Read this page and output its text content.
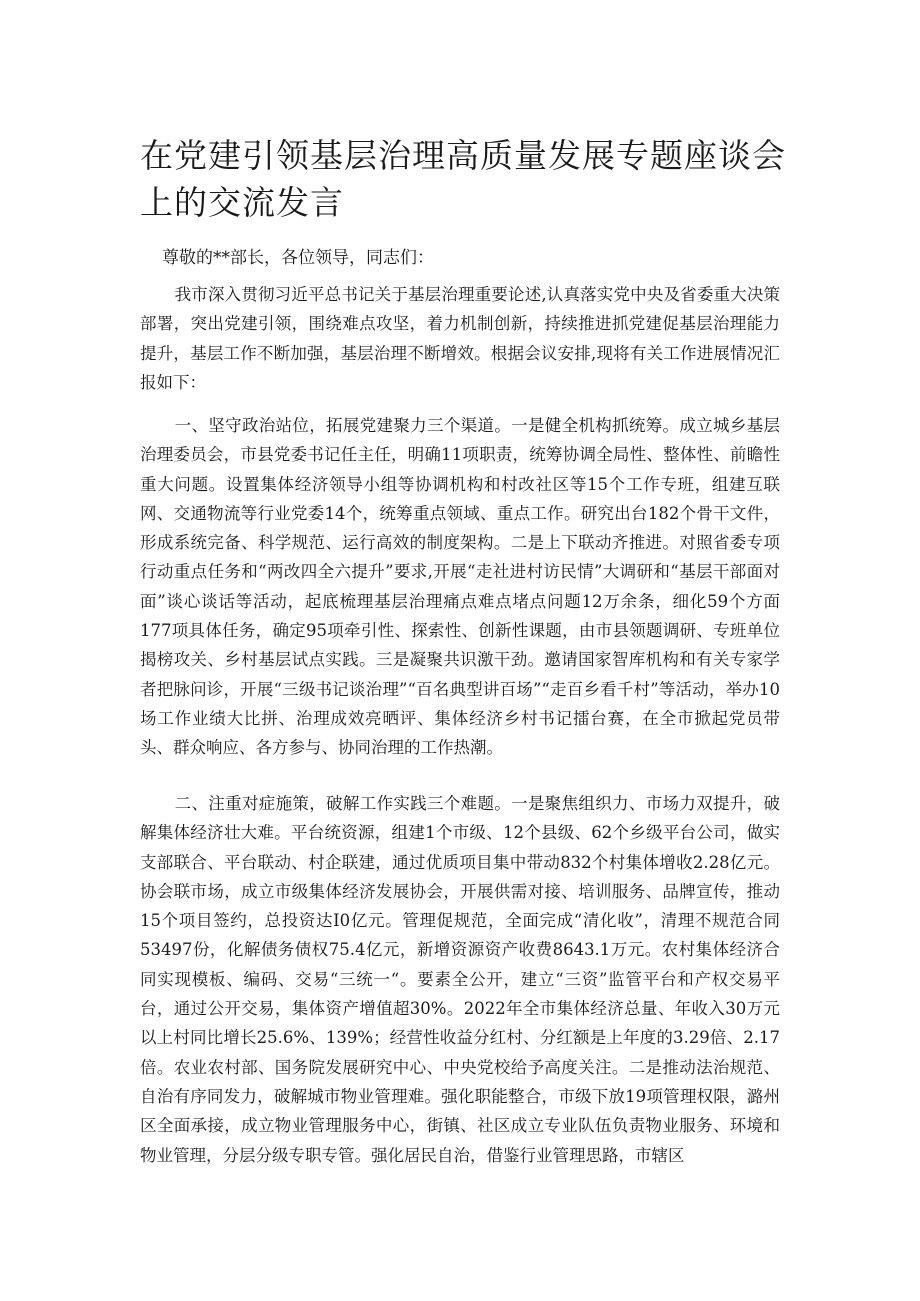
在党建引领基层治理高质量发展专题座谈会上的交流发言
尊敬的**部长，各位领导，同志们：

我市深入贯彻习近平总书记关于基层治理重要论述,认真落实党中央及省委重大决策部署，突出党建引领，围绕难点攻坚，着力机制创新，持续推进抓党建促基层治理能力提升，基层工作不断加强，基层治理不断增效。根据会议安排,现将有关工作进展情况汇报如下：

一、坚守政治站位，拓展党建聚力三个渠道。一是健全机构抓统筹。成立城乡基层治理委员会，市县党委书记任主任，明确11项职责，统筹协调全局性、整体性、前瞻性重大问题。设置集体经济领导小组等协调机构和村改社区等15个工作专班，组建互联网、交通物流等行业党委14个，统筹重点领域、重点工作。研究出台182个骨干文件，形成系统完备、科学规范、运行高效的制度架构。二是上下联动齐推进。对照省委专项行动重点任务和“两改四全六提升”要求,开展“走社进村访民情”大调研和“基层干部面对面”谈心谈话等活动，起底梳理基层治理痛点难点堵点问题12万余条，细化59个方面177项具体任务，确定95项牵引性、探索性、创新性课题，由市县领题调研、专班单位揭榜攻关、乡村基层试点实践。三是凝聚共识激干劲。邀请国家智库机构和有关专家学者把脉问诊，开展“三级书记谈治理”“百名典型讲百场”“走百乡看千村”等活动，举办10场工作业绩大比拼、治理成效亮晒评、集体经济乡村书记擂台赛，在全市掀起党员带头、群众响应、各方参与、协同治理的工作热潮。

二、注重对症施策，破解工作实践三个难题。一是聚焦组织力、市场力双提升，破解集体经济壮大难。平台统资源，组建1个市级、12个县级、62个乡级平台公司，做实支部联合、平台联动、村企联建，通过优质项目集中带动832个村集体增收2.28亿元。协会联市场，成立市级集体经济发展协会，开展供需对接、培训服务、品牌宣传，推动15个项目签约，总投资达I0亿元。管理促规范，全面完成“清化收”，清理不规范合同53497份，化解债务债权75.4亿元，新增资源资产收费8643.1万元。农村集体经济合同实现模板、编码、交易“三统一“。要素全公开，建立“三资”监管平台和产权交易平台，通过公开交易，集体资产增值超30%。2022年全市集体经济总量、年收入30万元以上村同比增长25.6%、139%；经营性收益分红村、分红额是上年度的3.29倍、2.17倍。农业农村部、国务院发展研究中心、中央党校给予高度关注。二是推动法治规范、自治有序同发力，破解城市物业管理难。强化职能整合，市级下放19项管理权限，潞州区全面承接，成立物业管理服务中心，街镇、社区成立专业队伍负责物业服务、环境和物业管理，分层分级专职专管。强化居民自治，借鉴行业管理思路，市辖区
